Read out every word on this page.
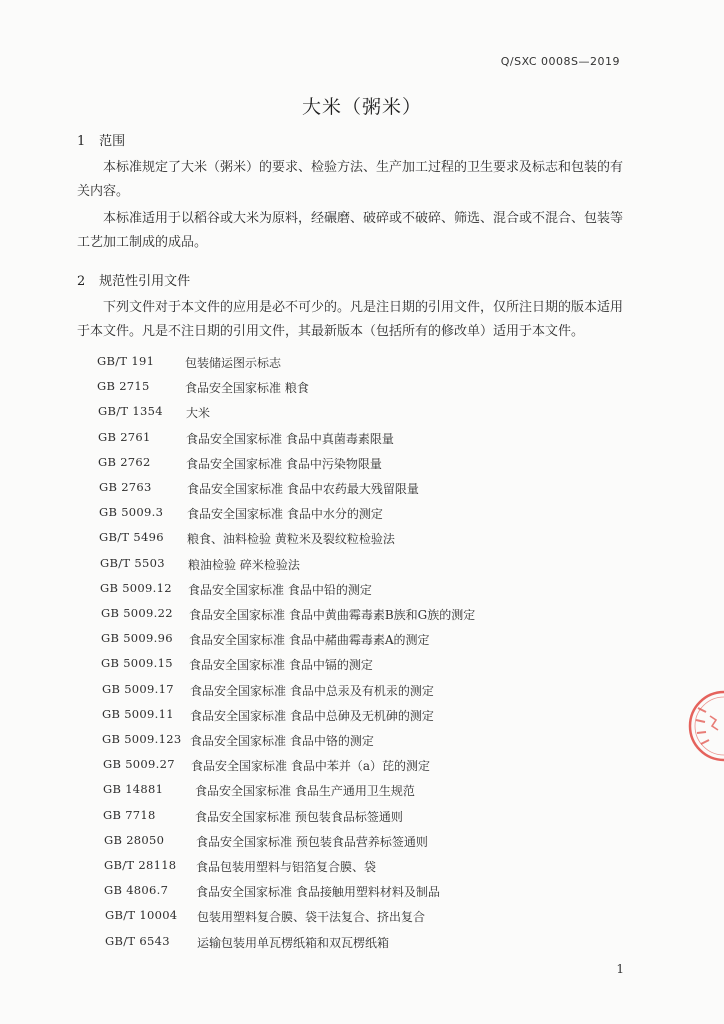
Q/SXC 0008S—2019
大米（粥米）
1 范围

本标准规定了大米（粥米）的要求、检验方法、生产加工过程的卫生要求及标志和包装的有关内容。

本标准适用于以稻谷或大米为原料，经碾磨、破碎或不破碎、筛选、混合或不混合、包装等工艺加工制成的成品。

2 规范性引用文件

下列文件对于本文件的应用是必不可少的。凡是注日期的引用文件，仅所注日期的版本适用于本文件。凡是不注日期的引用文件，其最新版本（包括所有的修改单）适用于本文件。

GB/T 191	包装储运图示标志
GB 2715	食品安全国家标准 粮食
GB/T 1354 大米
GB 2761	食品安全国家标准 食品中真菌毒素限量
GB 2762	食品安全国家标准 食品中污染物限量
GB 2763	食品安全国家标准 食品中农药最大残留限量
GB 5009.3 食品安全国家标准 食品中水分的测定
GB/T 5496 粮食、油料检验 黄粒米及裂纹粒检验法
GB/T 5503 粮油检验 碎米检验法
GB 5009.12 食品安全国家标准 食品中铅的测定
GB 5009.22 食品安全国家标准 食品中黄曲霉毒素B族和G族的测定
GB 5009.96 食品安全国家标准 食品中赭曲霉毒素A的测定
GB 5009.15 食品安全国家标准 食品中镉的测定
GB 5009.17 食品安全国家标准 食品中总汞及有机汞的测定
GB 5009.11 食品安全国家标准 食品中总砷及无机砷的测定
GB 5009.123 食品安全国家标准 食品中铬的测定
GB 5009.27 食品安全国家标准 食品中苯并（a）芘的测定
GB 14881	食品安全国家标准 食品生产通用卫生规范
GB 7718	食品安全国家标准 预包装食品标签通则
GB 28050	食品安全国家标准 预包装食品营养标签通则
GB/T 28118 食品包装用塑料与铝箔复合膜、袋
GB 4806.7 食品安全国家标准 食品接触用塑料材料及制品
GB/T 10004 包装用塑料复合膜、袋干法复合、挤出复合
GB/T 6543 运输包装用单瓦楞纸箱和双瓦楞纸箱
1
